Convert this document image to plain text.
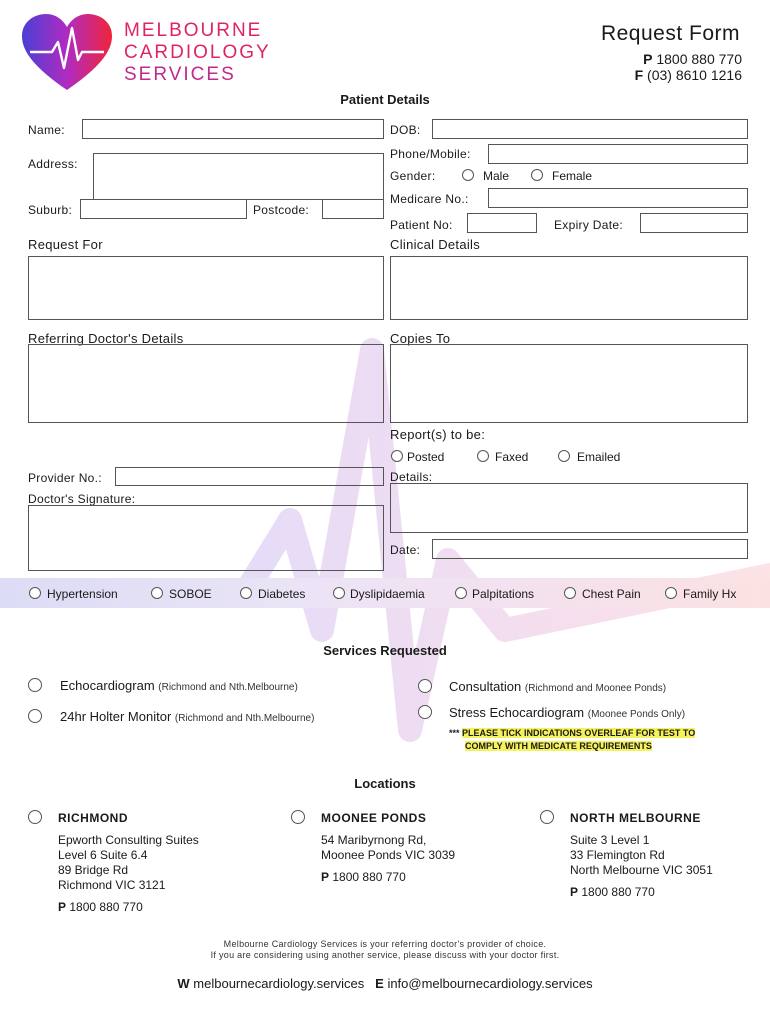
MELBOURNE
CARDIOLOGY
SERVICES
Request Form
P 1800 880 770
F (03) 8610 1216
Patient Details
Name:
Address:
Suburb:	Postcode:
DOB:
Phone/Mobile:
Gender:	Male	Female
Medicare No.:
Patient No:	Expiry Date:
Request For	Clinical Details
Referring Doctor's Details	Copies To
Report(s) to be:
Posted	Faxed	Emailed
Details:
Date:
Provider No.:
Doctor's Signature:
Hypertension	SOBOE	Diabetes	Dyslipidaemia	Palpitations	Chest Pain	Family Hx
Services Requested
Echocardiogram (Richmond and Nth.Melbourne)
24hr Holter Monitor (Richmond and Nth.Melbourne)
Consultation (Richmond and Moonee Ponds)
Stress Echocardiogram (Moonee Ponds Only)
*** PLEASE TICK INDICATIONS OVERLEAF FOR TEST TO
COMPLY WITH MEDICATE REQUIREMENTS
Locations
RICHMOND
Epworth Consulting Suites
Level 6 Suite 6.4
89 Bridge Rd
Richmond VIC 3121
P 1800 880 770
MOONEE PONDS
54 Maribyrnong Rd,
Moonee Ponds VIC 3039
P 1800 880 770
NORTH MELBOURNE
Suite 3 Level 1
33 Flemington Rd
North Melbourne VIC 3051
P 1800 880 770
Melbourne Cardiology Services is your referring doctor's provider of choice.
If you are considering using another service, please discuss with your doctor first.
W melbournecardiology.services E info@melbournecardiology.services
